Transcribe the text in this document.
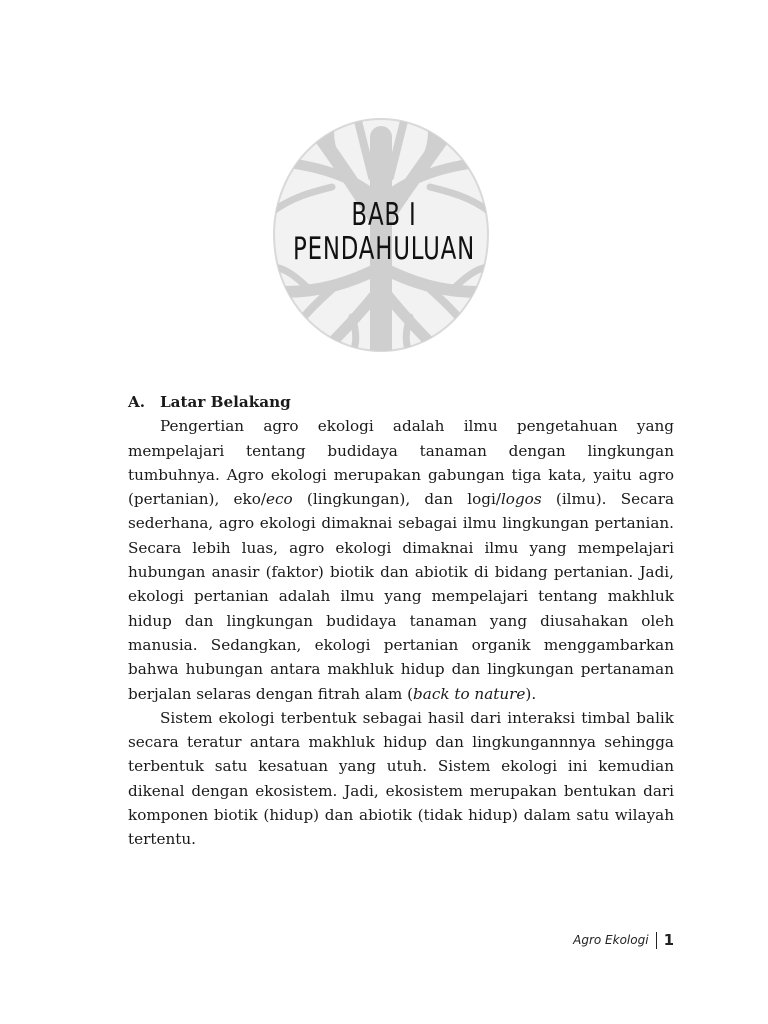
BAB I
PENDAHULUAN
A. Latar Belakang

Pengertian agro ekologi adalah ilmu pengetahuan yang mempelajari tentang budidaya tanaman dengan lingkungan tumbuhnya. Agro ekologi merupakan gabungan tiga kata, yaitu agro (pertanian), eko/eco (lingkungan), dan logi/logos (ilmu). Secara sederhana, agro ekologi dimaknai sebagai ilmu lingkungan pertanian. Secara lebih luas, agro ekologi dimaknai ilmu yang mempelajari hubungan anasir (faktor) biotik dan abiotik di bidang pertanian. Jadi, ekologi pertanian adalah ilmu yang mempelajari tentang makhluk hidup dan lingkungan budidaya tanaman yang diusahakan oleh manusia. Sedangkan, ekologi pertanian organik menggambarkan bahwa hubungan antara makhluk hidup dan lingkungan pertanaman berjalan selaras dengan fitrah alam (back to nature).

Sistem ekologi terbentuk sebagai hasil dari interaksi timbal balik secara teratur antara makhluk hidup dan lingkungannnya sehingga terbentuk satu kesatuan yang utuh. Sistem ekologi ini kemudian dikenal dengan ekosistem. Jadi, ekosistem merupakan bentukan dari komponen biotik (hidup) dan abiotik (tidak hidup) dalam satu wilayah tertentu.

Agro Ekologi 1
